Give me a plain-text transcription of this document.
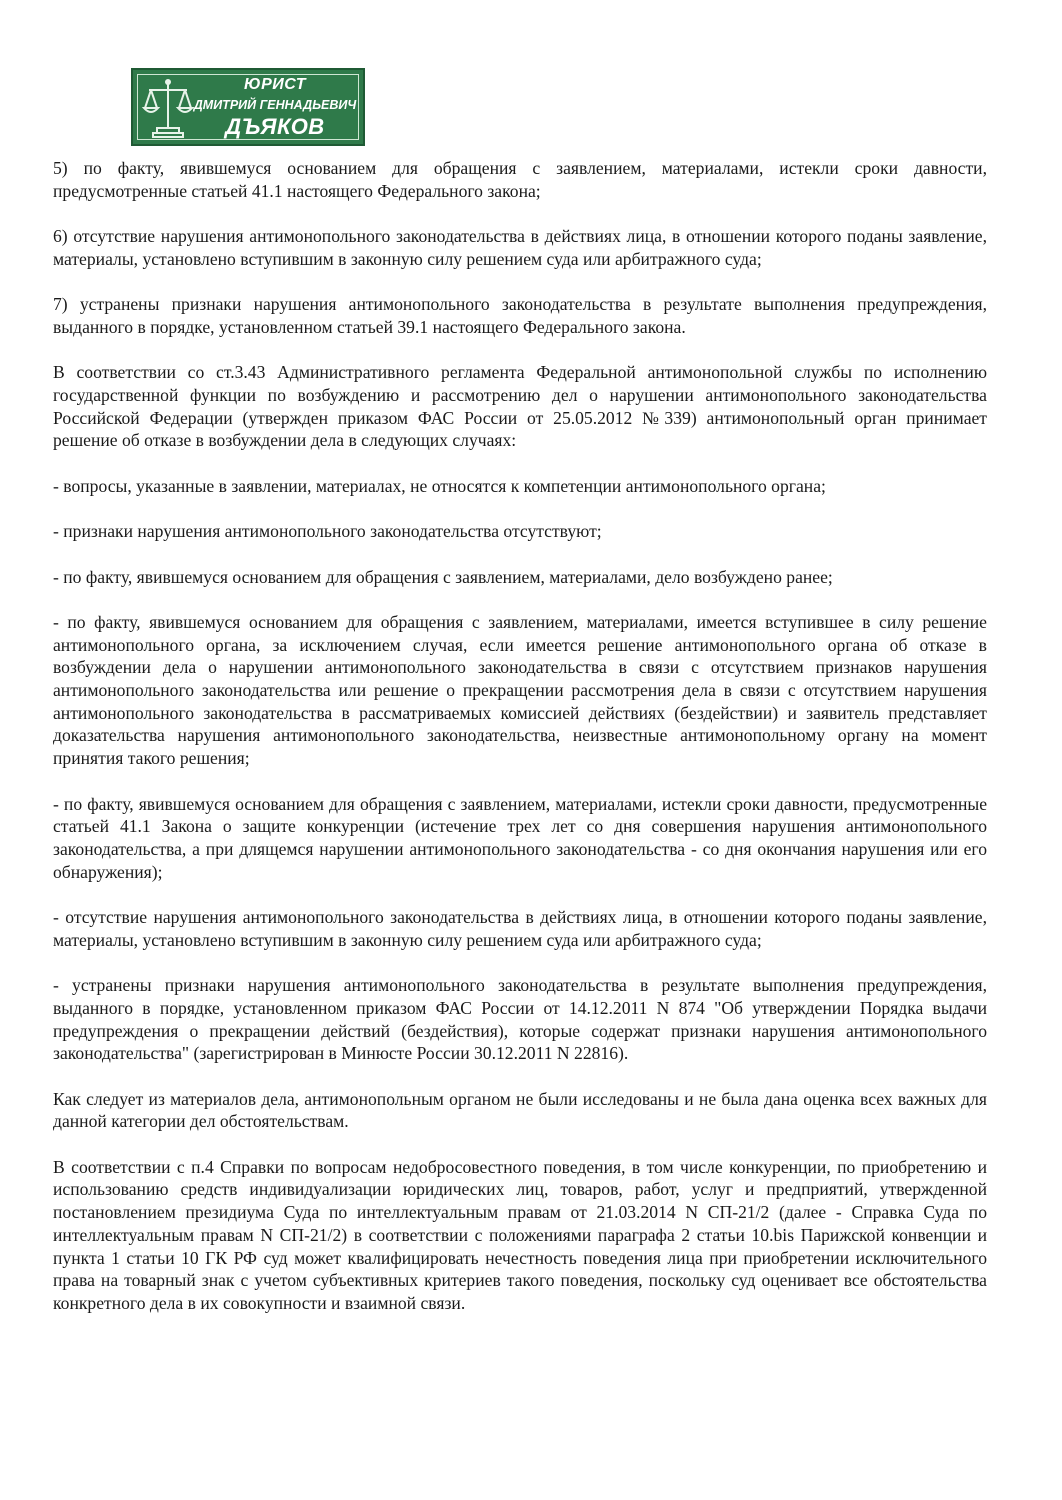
ЮРИСТ
ДМИТРИЙ ГЕННАДЬЕВИЧ
ДЪЯКОВ

5) по факту, явившемуся основанием для обращения с заявлением, материалами, истекли сроки давности, предусмотренные статьей 41.1 настоящего Федерального закона;

6) отсутствие нарушения антимонопольного законодательства в действиях лица, в отношении которого поданы заявление, материалы, установлено вступившим в законную силу решением суда или арбитражного суда;

7) устранены признаки нарушения антимонопольного законодательства в результате выполнения предупреждения, выданного в порядке, установленном статьей 39.1 настоящего Федерального закона.

В соответствии со ст.3.43 Административного регламента Федеральной антимонопольной службы по исполнению государственной функции по возбуждению и рассмотрению дел о нарушении антимонопольного законодательства Российской Федерации (утвержден приказом ФАС России от 25.05.2012 №339) антимонопольный орган принимает решение об отказе в возбуждении дела в следующих случаях:

- вопросы, указанные в заявлении, материалах, не относятся к компетенции антимонопольного органа;

- признаки нарушения антимонопольного законодательства отсутствуют;

- по факту, явившемуся основанием для обращения с заявлением, материалами, дело возбуждено ранее;

- по факту, явившемуся основанием для обращения с заявлением, материалами, имеется вступившее в силу решение антимонопольного органа, за исключением случая, если имеется решение антимонопольного органа об отказе в возбуждении дела о нарушении антимонопольного законодательства в связи с отсутствием признаков нарушения антимонопольного законодательства или решение о прекращении рассмотрения дела в связи с отсутствием нарушения антимонопольного законодательства в рассматриваемых комиссией действиях (бездействии) и заявитель представляет доказательства нарушения антимонопольного законодательства, неизвестные антимонопольному органу на момент принятия такого решения;

- по факту, явившемуся основанием для обращения с заявлением, материалами, истекли сроки давности, предусмотренные статьей 41.1 Закона о защите конкуренции (истечение трех лет со дня совершения нарушения антимонопольного законодательства, а при длящемся нарушении антимонопольного законодательства - со дня окончания нарушения или его обнаружения);

- отсутствие нарушения антимонопольного законодательства в действиях лица, в отношении которого поданы заявление, материалы, установлено вступившим в законную силу решением суда или арбитражного суда;

- устранены признаки нарушения антимонопольного законодательства в результате выполнения предупреждения, выданного в порядке, установленном приказом ФАС России от 14.12.2011 N 874 "Об утверждении Порядка выдачи предупреждения о прекращении действий (бездействия), которые содержат признаки нарушения антимонопольного законодательства" (зарегистрирован в Минюсте России 30.12.2011 N 22816).

Как следует из материалов дела, антимонопольным органом не были исследованы и не была дана оценка всех важных для данной категории дел обстоятельствам.

В соответствии с п.4 Справки по вопросам недобросовестного поведения, в том числе конкуренции, по приобретению и использованию средств индивидуализации юридических лиц, товаров, работ, услуг и предприятий, утвержденной постановлением президиума Суда по интеллектуальным правам от 21.03.2014 N СП-21/2 (далее - Справка Суда по интеллектуальным правам N СП-21/2) в соответствии с положениями параграфа 2 статьи 10.bis Парижской конвенции и пункта 1 статьи 10 ГК РФ суд может квалифицировать нечестность поведения лица при приобретении исключительного права на товарный знак с учетом субъективных критериев такого поведения, поскольку суд оценивает все обстоятельства конкретного дела в их совокупности и взаимной связи.
